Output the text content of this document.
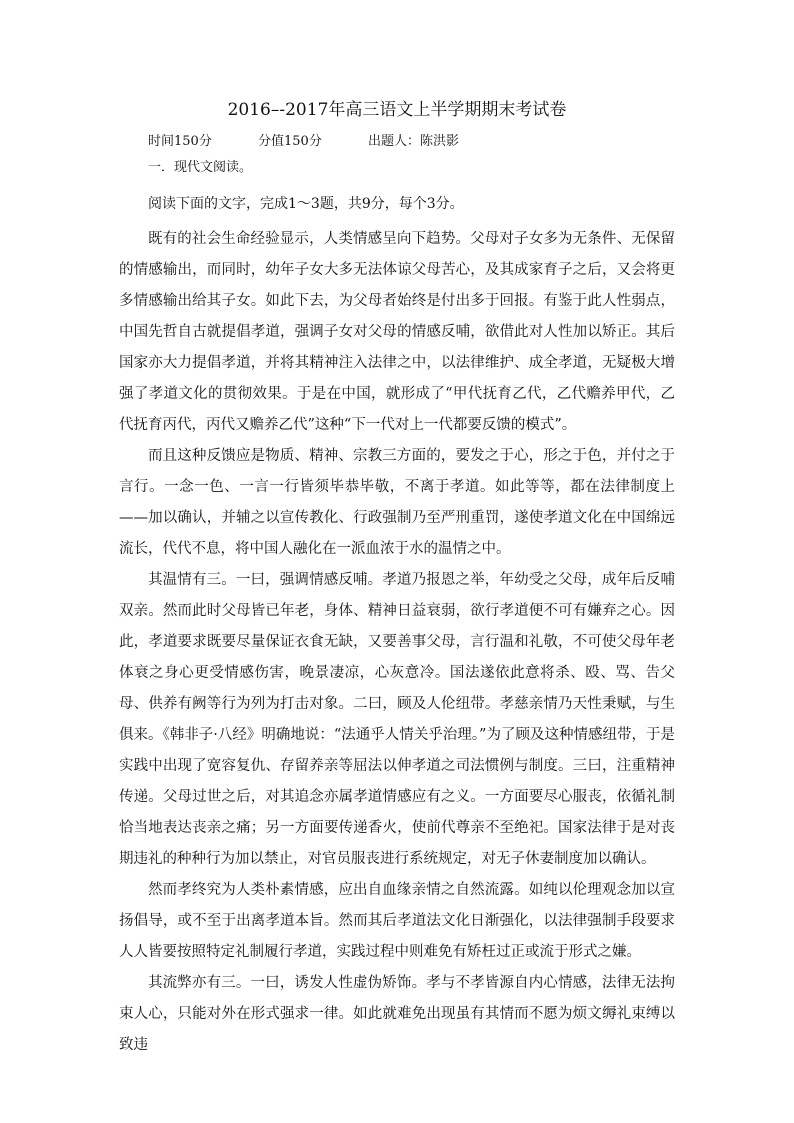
2016–-2017年高三语文上半学期期末考试卷
时间150分	分值150分	出题人：陈洪影
一．现代文阅读。
阅读下面的文字，完成1～3题，共9分，每个3分。

既有的社会生命经验显示，人类情感呈向下趋势。父母对子女多为无条件、无保留的情感输出，而同时，幼年子女大多无法体谅父母苦心，及其成家育子之后，又会将更多情感输出给其子女。如此下去，为父母者始终是付出多于回报。有鉴于此人性弱点，中国先哲自古就提倡孝道，强调子女对父母的情感反哺，欲借此对人性加以矫正。其后国家亦大力提倡孝道，并将其精神注入法律之中，以法律维护、成全孝道，无疑极大增强了孝道文化的贯彻效果。于是在中国，就形成了“甲代抚育乙代，乙代赡养甲代，乙代抚育丙代，丙代又赡养乙代”这种“下一代对上一代都要反馈的模式”。

而且这种反馈应是物质、精神、宗教三方面的，要发之于心，形之于色，并付之于言行。一念一色、一言一行皆须毕恭毕敬，不离于孝道。如此等等，都在法律制度上——加以确认，并辅之以宣传教化、行政强制乃至严刑重罚，遂使孝道文化在中国绵远流长，代代不息，将中国人融化在一派血浓于水的温情之中。

其温情有三。一曰，强调情感反哺。孝道乃报恩之举，年幼受之父母，成年后反哺双亲。然而此时父母皆已年老，身体、精神日益衰弱，欲行孝道便不可有嫌弃之心。因此，孝道要求既要尽量保证衣食无缺，又要善事父母，言行温和礼敬，不可使父母年老体衰之身心更受情感伤害，晚景凄凉，心灰意冷。国法遂依此意将杀、殴、骂、告父母、供养有阙等行为列为打击对象。二曰，顾及人伦纽带。孝慈亲情乃天性秉赋，与生俱来。《韩非子·八经》明确地说：“法通乎人情关乎治理。”为了顾及这种情感纽带，于是实践中出现了宽容复仇、存留养亲等屈法以伸孝道之司法惯例与制度。三曰，注重精神传递。父母过世之后，对其追念亦属孝道情感应有之义。一方面要尽心服丧，依循礼制恰当地表达丧亲之痛；另一方面要传递香火，使前代尊亲不至绝祀。国家法律于是对丧期违礼的种种行为加以禁止，对官员服丧进行系统规定，对无子休妻制度加以确认。

然而孝终究为人类朴素情感，应出自血缘亲情之自然流露。如纯以伦理观念加以宣扬倡导，或不至于出离孝道本旨。然而其后孝道法文化日渐强化，以法律强制手段要求人人皆要按照特定礼制履行孝道，实践过程中则难免有矫枉过正或流于形式之嫌。

其流弊亦有三。一曰，诱发人性虚伪矫饰。孝与不孝皆源自内心情感，法律无法拘束人心，只能对外在形式强求一律。如此就难免出现虽有其情而不愿为烦文缛礼束缚以致违
